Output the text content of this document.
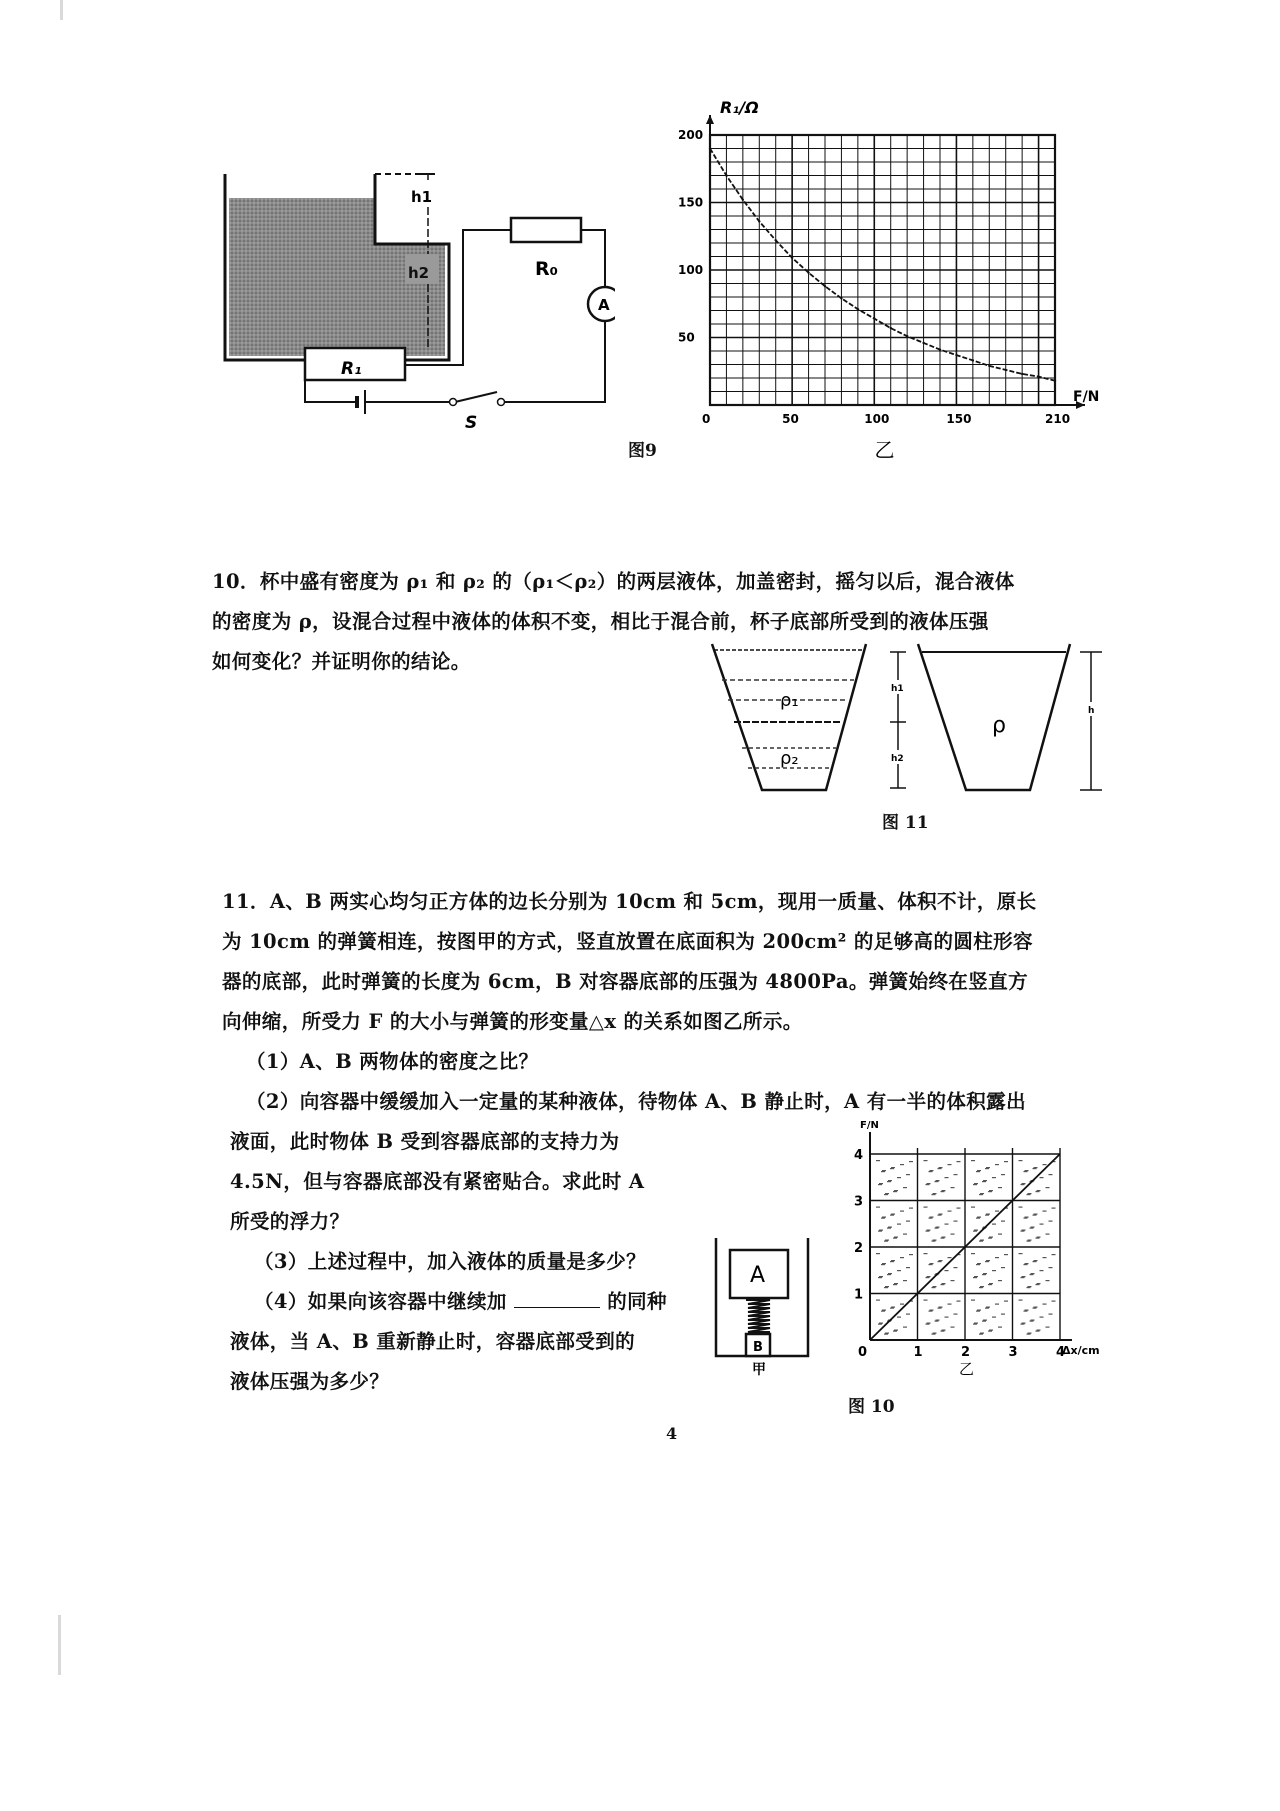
h1
h2
R₁
R₀
A
S	0	50	100	150	210
50
100
150
200
F/N
R₁/Ω
乙
图9
10．杯中盛有密度为 ρ₁ 和 ρ₂ 的（ρ₁＜ρ₂）的两层液体，加盖密封，摇匀以后，混合液体
的密度为 ρ，设混合过程中液体的体积不变，相比于混合前，杯子底部所受到的液体压强
如何变化？并证明你的结论。
ρ₁
ρ₂
h1
h2
ρ
h
图 11
11．A、B 两实心均匀正方体的边长分别为 10cm 和 5cm，现用一质量、体积不计，原长
为 10cm 的弹簧相连，按图甲的方式，竖直放置在底面积为 200cm² 的足够高的圆柱形容
器的底部，此时弹簧的长度为 6cm，B 对容器底部的压强为 4800Pa。弹簧始终在竖直方
向伸缩，所受力 F 的大小与弹簧的形变量△x 的关系如图乙所示。
（1）A、B 两物体的密度之比？
（2）向容器中缓缓加入一定量的某种液体，待物体 A、B 静止时，A 有一半的体积露出
液面，此时物体 B 受到容器底部的支持力为
4.5N，但与容器底部没有紧密贴合。求此时 A
所受的浮力？
（3）上述过程中，加入液体的质量是多少？
（4）如果向该容器中继续加	的同种
液体，当 A、B 重新静止时，容器底部受到的
液体压强为多少？
A
B
甲
0	1	2	3	4
1
2
3
4
F/N
Δx/cm
乙
图 10
4
